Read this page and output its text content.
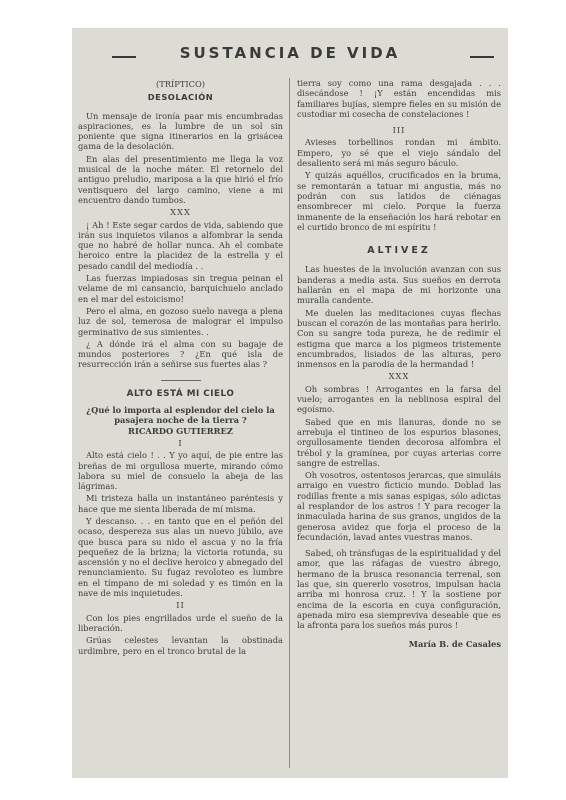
SUSTANCIA DE VIDA
(TRÍPTICO)
DESOLACIÓN

Un mensaje de ironía paar mis encumbradas aspiraciones, es la lumbre de un sol sin poniente que signa itinerarios en la grisácea gama de la desolación.

En alas del presentimiento me llega la voz musical de la noche máter. El retornelo del antiguo preludio, mariposa a la que hirió el frío ventisquero del largo camino, viene a mi encuentro dando tumbos.

XXX

¡ Ah ! Este segar cardos de vida, sabiendo que irán sus inquietos vilanos a alfombrar la senda que no habré de hollar nunca. Ah el combate heroico entre la placidez de la estrella y el pesado candil del mediodía . .

Las fuerzas impiadosas sin tregua peinan el velame de mi cansancio, barquichuelo anclado en el mar del estoicismo!

Pero el alma, en gozoso suelo navega a plena luz de sol, temerosa de malograr el impulso germinativo de sus simientes. .

¿ A dónde irá el alma con su bagaje de mundos posteriores ? ¿En qué isla de resurrección irán a señirse sus fuertes alas ?

ALTO ESTÁ MI CIELO
¿Qué lo importa al esplendor del cielo la pasajera noche de la tierra ?
RICARDO GUTIERREZ
I

Alto está cielo ! . . Y yo aquí, de pie entre las breñas de mi orgullosa muerte, mirando cómo labora su miel de consuelo la abeja de las lágrimas.

Mi tristeza halla un instantáneo paréntesis y hace que me sienta liberada de mí misma.

Y descanso. . . en tanto que en el peñón del ocaso, despereza sus alas un nuevo júbilo, ave que busca para su nido el ascua y no la fría pequeñez de la brizna; la victoria rotunda, su ascensión y no el declive heroico y abnegado del renunciamiento. Su fugaz revoloteo es lumbre en el tímpano de mi soledad y es timón en la nave de mis inquietudes.

II

Con los pies engrillados urde el sueño de la liberación.

Grúas celestes levantan la obstinada urdimbre, pero en el tronco brutal de la

tierra soy como una rama desgajada . . . disecándose ! ¡Y están encendidas mis familiares bujías, siempre fieles en su misión de custodiar mi cosecha de constelaciones !

III

Avieses torbellinos rondan mi ámbito. Empero, yo sé que el viejo sándalo del desaliento será mi más seguro báculo.

Y quizás aquéllos, crucificados en la bruma, se remontarán a tatuar mi angustia, más no podrán con sus latidos de ciénagas ensombrecer mi cielo. Porque la fuerza inmanente de la enseñación los hará rebotar en el curtido bronco de mi espíritu !

ALTIVEZ

Las huestes de la involución avanzan con sus banderas a media asta. Sus sueños en derrota hallarán en el mapa de mi horizonte una muralla candente.

Me duelen las meditaciones cuyas flechas buscan el corazón de las montañas para herirlo. Con su sangre toda pureza, he de redimir el estigma que marca a los pigmeos tristemente encumbrados, lisiados de las alturas, pero inmensos en la parodia de la hermandad !

XXX

Oh sombras ! Arrogantes en la farsa del vuelo; arrogantes en la neblinosa espiral del egoísmo.

Sabed que en mis llanuras, donde no se arrebuja el tintineo de los espurios blasones, orgullosamente tienden decorosa alfombra el trébol y la gramínea, por cuyas arterias corre sangre de estrellas.

Oh vosotros, ostentosos jerarcas, que simuláis arraigo en vuestro ficticio mundo. Doblad las rodillas frente a mis sanas espigas, sólo adictas al resplandor de los astros ! Y para recoger la inmaculada harina de sus granos, ungidos de la generosa avidez que forja el proceso de la fecundación, lavad antes vuestras manos.

Sabed, oh tránsfugas de la espiritualidad y del amor, que las ráfagas de vuestro ábrego, hermano de la brusca resonancia terrenal, son las que, sin quererlo vosotros, impulsan hacia arriba mi honrosa cruz. ! Y la sostiene por encima de la escoria en cuya configuración, apenada miro esa siempreviva deseable que es la afronta para los sueños más puros !

María B. de Casales
